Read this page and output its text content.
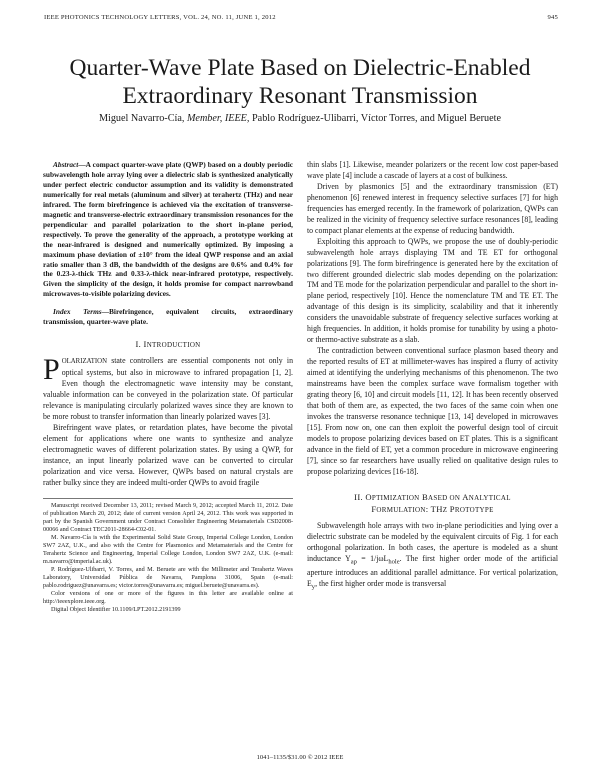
IEEE PHOTONICS TECHNOLOGY LETTERS, VOL. 24, NO. 11, JUNE 1, 2012	945
Quarter-Wave Plate Based on Dielectric-Enabled
Extraordinary Resonant Transmission
Miguel Navarro-Cía, Member, IEEE, Pablo Rodríguez-Ulibarri, Víctor Torres, and Miguel Beruete

Abstract—A compact quarter-wave plate (QWP) based on a doubly periodic subwavelength hole array lying over a dielectric slab is synthesized analytically under perfect electric conductor assumption and its validity is demonstrated numerically for real metals (aluminum and silver) at terahertz (THz) and near infrared. The form birefringence is achieved via the excitation of transverse-magnetic and transverse-electric extraordinary transmission resonances for the perpendicular and parallel polarization to the short in-plane period, respectively. To prove the generality of the approach, a prototype working at the near-infrared is designed and numerically optimized. By imposing a maximum phase deviation of ±10° from the ideal QWP response and an axial ratio smaller than 3 dB, the bandwidth of the designs are 0.6% and 0.4% for the 0.23-λ-thick THz and 0.33-λ-thick near-infrared prototype, respectively. Given the simplicity of the design, it holds promise for compact narrowband microwaves-to-visible polarizing devices.

Index Terms—Birefringence, equivalent circuits, extraordinary transmission, quarter-wave plate.

I. INTRODUCTION

POLARIZATION state controllers are essential components not only in optical systems, but also in microwave to infrared propagation [1, 2]. Even though the electromagnetic wave intensity may be constant, valuable information can be conveyed in the polarization state. Of particular relevance is manipulating circularly polarized waves since they are known to be more robust to transfer information than linearly polarized waves [3].

Birefringent wave plates, or retardation plates, have become the pivotal element for applications where one wants to synthesize and analyze electromagnetic waves of different polarization states. By using a QWP, for instance, an input linearly polarized wave can be converted to circular polarization and vice versa. However, QWPs based on natural crystals are rather bulky since they are indeed multi-order QWPs to avoid fragile

Manuscript received December 13, 2011; revised March 9, 2012; accepted March 11, 2012. Date of publication March 20, 2012; date of current version April 24, 2012. This work was supported in part by the Spanish Government under Contract Consolider Engineering Metamaterials CSD2008-00066 and Contract TEC2011-28664-C02-01.

M. Navarro-Cía is with the Experimental Solid State Group, Imperial College London, London SW7 2AZ, U.K., and also with the Centre for Plasmonics and Metamaterials and the Centre for Terahertz Science and Engineering, Imperial College London, London SW7 2AZ, U.K. (e-mail: m.navarro@imperial.ac.uk).

P. Rodríguez-Ulibarri, V. Torres, and M. Beruete are with the Millimeter and Terahertz Waves Laboratory, Universidad Pública de Navarra, Pamplona 31006, Spain (e-mail: pablo.rodriguez@unavarra.es; victor.torres@unavarra.es; miguel.beruete@unavarra.es).

Color versions of one or more of the figures in this letter are available online at http://ieeexplore.ieee.org.

Digital Object Identifier 10.1109/LPT.2012.2191399

thin slabs [1]. Likewise, meander polarizers or the recent low cost paper-based wave plate [4] include a cascade of layers at a cost of bulkiness.

Driven by plasmonics [5] and the extraordinary transmission (ET) phenomenon [6] renewed interest in frequency selective surfaces [7] for high frequencies has emerged recently. In the framework of polarization, QWPs can be realized in the vicinity of frequency selective surface resonances [8], leading to compact planar elements at the expense of reducing bandwidth.

Exploiting this approach to QWPs, we propose the use of doubly-periodic subwavelength hole arrays displaying TM and TE ET for orthogonal polarizations [9]. The form birefringence is generated here by the excitation of two different grounded dielectric slab modes depending on the polarization: TM and TE mode for the polarization perpendicular and parallel to the short in-plane period, respectively [10]. Hence the nomenclature TM and TE ET. The advantage of this design is its simplicity, scalability and that it inherently considers the unavoidable substrate of frequency selective surfaces working at high frequencies. In addition, it holds promise for tunability by using a photo- or thermo-active substrate as a slab.

The contradiction between conventional surface plasmon based theory and the reported results of ET at millimeter-waves has inspired a flurry of activity aimed at identifying the underlying mechanisms of this phenomenon. The two mainstreams have been the complex surface wave formalism together with grating theory [6, 10] and circuit models [11, 12]. It has been recently observed that both of them are, as expected, the two faces of the same coin when one invokes the transverse resonance technique [13, 14] developed in microwaves [15]. From now on, one can then exploit the powerful design tool of circuit models to propose polarizing devices based on ET plates. This is a significant advance in the field of ET, yet a common procedure in microwave engineering [7], since so far researchers have usually relied on qualitative design rules to propose polarizing devices [16-18].

II. OPTIMIZATION BASED ON ANALYTICAL
FORMULATION: THZ PROTOTYPE

Subwavelength hole arrays with two in-plane periodicities and lying over a dielectric substrate can be modeled by the equivalent circuits of Fig. 1 for each orthogonal polarization. In both cases, the aperture is modeled as a shunt inductance $Y_{ap} = 1/j\omega L_{hole}$. The first higher order mode of the artificial aperture introduces an additional parallel admittance. For vertical polarization, $E_y$, the first higher order mode is transversal

1041–1135/$31.00 © 2012 IEEE
